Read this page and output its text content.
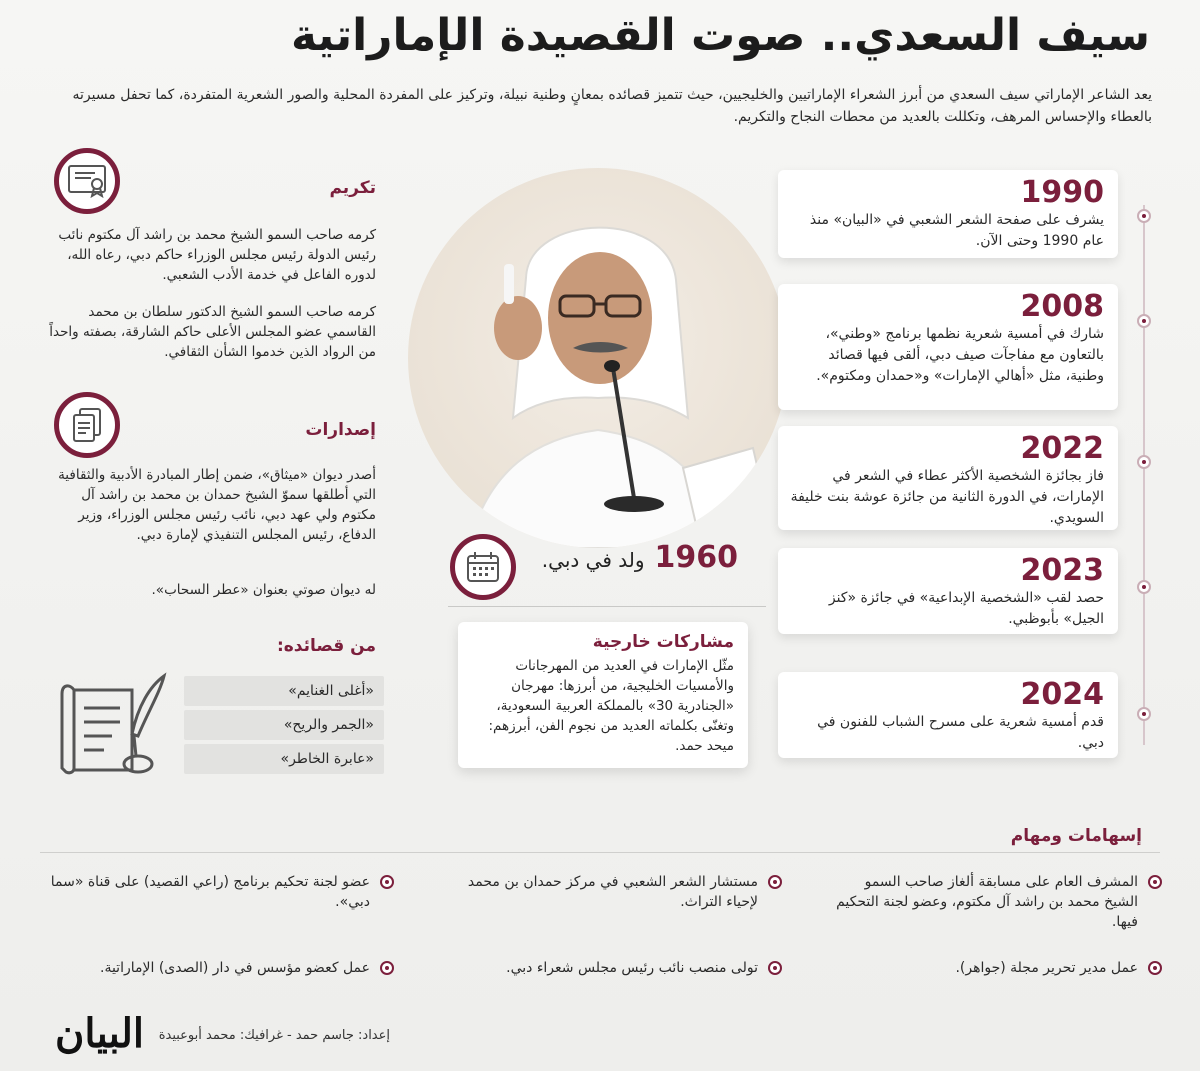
سيف السعدي.. صوت القصيدة الإماراتية
يعد الشاعر الإماراتي سيف السعدي من أبرز الشعراء الإماراتيين والخليجيين، حيث تتميز قصائده بمعانٍ وطنية نبيلة، وتركيز على المفردة المحلية والصور الشعرية المتفردة، كما تحفل مسيرته بالعطاء والإحساس المرهف، وتكللت بالعديد من محطات النجاح والتكريم.
1990
يشرف على صفحة الشعر الشعبي في «البيان» منذ عام 1990 وحتى الآن.
2008
شارك في أمسية شعرية نظمها برنامج «وطني»، بالتعاون مع مفاجآت صيف دبي، ألقى فيها قصائد وطنية، مثل «أهالي الإمارات» و«حمدان ومكتوم».
2022
فاز بجائزة الشخصية الأكثر عطاء في الشعر في الإمارات، في الدورة الثانية من جائزة عوشة بنت خليفة السويدي.
2023
حصد لقب «الشخصية الإبداعية» في جائزة «كنز الجيل» بأبوظبي.
2024
قدم أمسية شعرية على مسرح الشباب للفنون في دبي.
تكريم
كرمه صاحب السمو الشيخ محمد بن راشد آل مكتوم نائب رئيس الدولة رئيس مجلس الوزراء حاكم دبي، رعاه الله، لدوره الفاعل في خدمة الأدب الشعبي.
كرمه صاحب السمو الشيخ الدكتور سلطان بن محمد القاسمي عضو المجلس الأعلى حاكم الشارقة، بصفته واحداً من الرواد الذين خدموا الشأن الثقافي.
إصدارات
أصدر ديوان «ميثاق»، ضمن إطار المبادرة الأدبية والثقافية التي أطلقها سموّ الشيخ حمدان بن محمد بن راشد آل مكتوم ولي عهد دبي، نائب رئيس مجلس الوزراء، وزير الدفاع، رئيس المجلس التنفيذي لإمارة دبي.
له ديوان صوتي بعنوان «عطر السحاب».
من قصائده:
«أغلى الغنايم»
«الجمر والريح»
«عابرة الخاطر»
1960
ولد في دبي.
مشاركات خارجية
مثّل الإمارات في العديد من المهرجانات والأمسيات الخليجية، من أبرزها: مهرجان «الجنادرية 30» بالمملكة العربية السعودية، وتغنّى بكلماته العديد من نجوم الفن، أبرزهم: ميحد حمد.
إسهامات ومهام
المشرف العام على مسابقة ألغاز صاحب السمو الشيخ محمد بن راشد آل مكتوم، وعضو لجنة التحكيم فيها.
مستشار الشعر الشعبي في مركز حمدان بن محمد لإحياء التراث.
عضو لجنة تحكيم برنامج (راعي القصيد) على قناة «سما دبي».
عمل مدير تحرير مجلة (جواهر).
تولى منصب نائب رئيس مجلس شعراء دبي.
عمل كعضو مؤسس في دار (الصدى) الإماراتية.
إعداد: جاسم حمد - غرافيك: محمد أبوعبيدة
البيان
